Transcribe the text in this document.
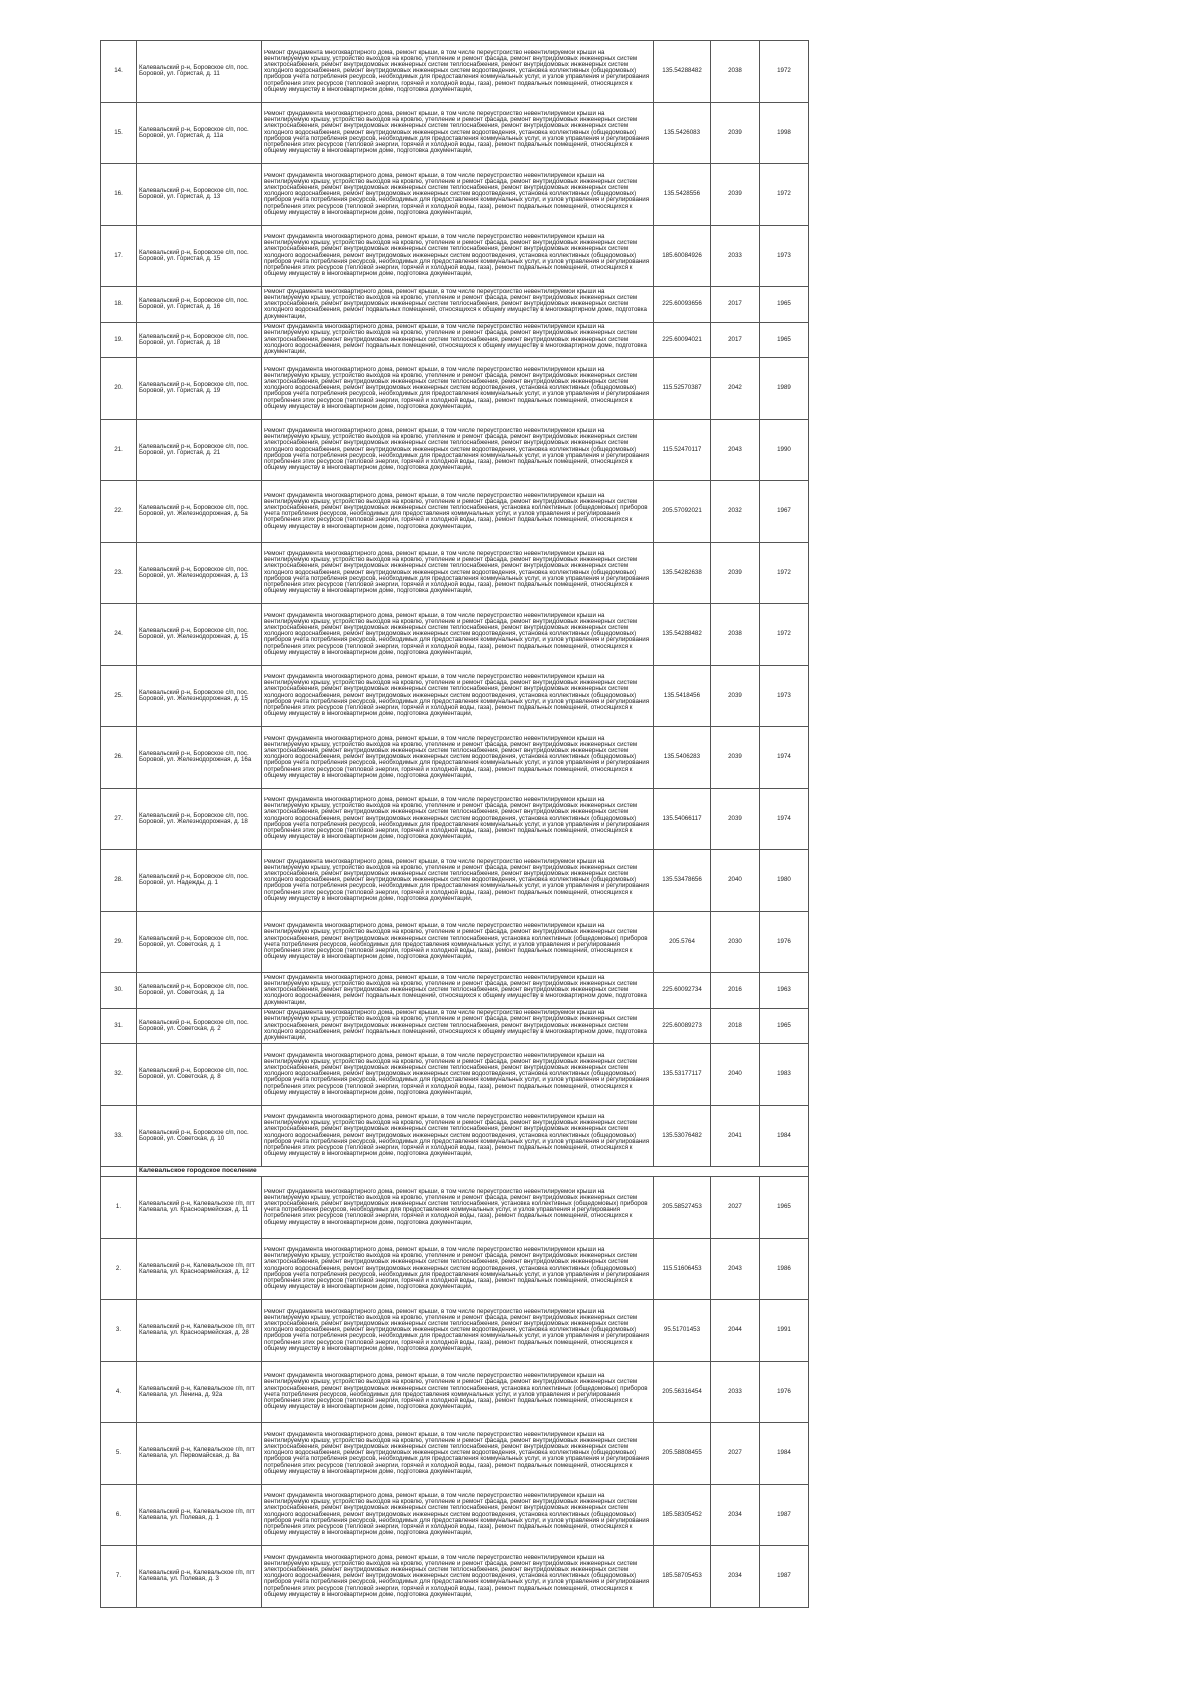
14.	Калевальский р-н, Боровское с/п, пос. Боровой, ул. Гористая, д. 11	Ремонт фундамента многоквартирного дома, ремонт крыши, в том числе переустройство невентилируемой крыши на вентилируемую крышу, устройство выходов на кровлю, утепление и ремонт фасада, ремонт внутридомовых инженерных систем электроснабжения, ремонт внутридомовых инженерных систем теплоснабжения, ремонт внутридомовых инженерных систем холодного водоснабжения, ремонт внутридомовых инженерных систем водоотведения, установка коллективных (общедомовых) приборов учета потребления ресурсов, необходимых для предоставления коммунальных услуг, и узлов управления и регулирования потребления этих ресурсов (тепловой энергии, горячей и холодной воды, газа), ремонт подвальных помещений, относящихся к общему имуществу в многоквартирном доме, подготовка документации,	135.54288482	2038	1972
15.	Калевальский р-н, Боровское с/п, пос. Боровой, ул. Гористая, д. 11а	Ремонт фундамента многоквартирного дома, ремонт крыши, в том числе переустройство невентилируемой крыши на вентилируемую крышу, устройство выходов на кровлю, утепление и ремонт фасада, ремонт внутридомовых инженерных систем электроснабжения, ремонт внутридомовых инженерных систем теплоснабжения, ремонт внутридомовых инженерных систем холодного водоснабжения, ремонт внутридомовых инженерных систем водоотведения, установка коллективных (общедомовых) приборов учета потребления ресурсов, необходимых для предоставления коммунальных услуг, и узлов управления и регулирования потребления этих ресурсов (тепловой энергии, горячей и холодной воды, газа), ремонт подвальных помещений, относящихся к общему имуществу в многоквартирном доме, подготовка документации,	135.5426083	2039	1998
16.	Калевальский р-н, Боровское с/п, пос. Боровой, ул. Гористая, д. 13	Ремонт фундамента многоквартирного дома, ремонт крыши, в том числе переустройство невентилируемой крыши на вентилируемую крышу, устройство выходов на кровлю, утепление и ремонт фасада, ремонт внутридомовых инженерных систем электроснабжения, ремонт внутридомовых инженерных систем теплоснабжения, ремонт внутридомовых инженерных систем холодного водоснабжения, ремонт внутридомовых инженерных систем водоотведения, установка коллективных (общедомовых) приборов учета потребления ресурсов, необходимых для предоставления коммунальных услуг, и узлов управления и регулирования потребления этих ресурсов (тепловой энергии, горячей и холодной воды, газа), ремонт подвальных помещений, относящихся к общему имуществу в многоквартирном доме, подготовка документации,	135.5428556	2039	1972
17.	Калевальский р-н, Боровское с/п, пос. Боровой, ул. Гористая, д. 15	Ремонт фундамента многоквартирного дома, ремонт крыши, в том числе переустройство невентилируемой крыши на вентилируемую крышу, устройство выходов на кровлю, утепление и ремонт фасада, ремонт внутридомовых инженерных систем электроснабжения, ремонт внутридомовых инженерных систем теплоснабжения, ремонт внутридомовых инженерных систем холодного водоснабжения, ремонт внутридомовых инженерных систем водоотведения, установка коллективных (общедомовых) приборов учета потребления ресурсов, необходимых для предоставления коммунальных услуг, и узлов управления и регулирования потребления этих ресурсов (тепловой энергии, горячей и холодной воды, газа), ремонт подвальных помещений, относящихся к общему имуществу в многоквартирном доме, подготовка документации,	185.60084926	2033	1973
18.	Калевальский р-н, Боровское с/п, пос. Боровой, ул. Гористая, д. 16	Ремонт фундамента многоквартирного дома, ремонт крыши, в том числе переустройство невентилируемой крыши на вентилируемую крышу, устройство выходов на кровлю, утепление и ремонт фасада, ремонт внутридомовых инженерных систем электроснабжения, ремонт внутридомовых инженерных систем теплоснабжения, ремонт внутридомовых инженерных систем холодного водоснабжения, ремонт подвальных помещений, относящихся к общему имуществу в многоквартирном доме, подготовка документации,	225.60093656	2017	1965
19.	Калевальский р-н, Боровское с/п, пос. Боровой, ул. Гористая, д. 18	Ремонт фундамента многоквартирного дома, ремонт крыши, в том числе переустройство невентилируемой крыши на вентилируемую крышу, устройство выходов на кровлю, утепление и ремонт фасада, ремонт внутридомовых инженерных систем электроснабжения, ремонт внутридомовых инженерных систем теплоснабжения, ремонт внутридомовых инженерных систем холодного водоснабжения, ремонт подвальных помещений, относящихся к общему имуществу в многоквартирном доме, подготовка документации,	225.60094021	2017	1965
20.	Калевальский р-н, Боровское с/п, пос. Боровой, ул. Гористая, д. 19	Ремонт фундамента многоквартирного дома, ремонт крыши, в том числе переустройство невентилируемой крыши на вентилируемую крышу, устройство выходов на кровлю, утепление и ремонт фасада, ремонт внутридомовых инженерных систем электроснабжения, ремонт внутридомовых инженерных систем теплоснабжения, ремонт внутридомовых инженерных систем холодного водоснабжения, ремонт внутридомовых инженерных систем водоотведения, установка коллективных (общедомовых) приборов учета потребления ресурсов, необходимых для предоставления коммунальных услуг, и узлов управления и регулирования потребления этих ресурсов (тепловой энергии, горячей и холодной воды, газа), ремонт подвальных помещений, относящихся к общему имуществу в многоквартирном доме, подготовка документации,	115.52570387	2042	1989
21.	Калевальский р-н, Боровское с/п, пос. Боровой, ул. Гористая, д. 21	Ремонт фундамента многоквартирного дома, ремонт крыши, в том числе переустройство невентилируемой крыши на вентилируемую крышу, устройство выходов на кровлю, утепление и ремонт фасада, ремонт внутридомовых инженерных систем электроснабжения, ремонт внутридомовых инженерных систем теплоснабжения, ремонт внутридомовых инженерных систем холодного водоснабжения, ремонт внутридомовых инженерных систем водоотведения, установка коллективных (общедомовых) приборов учета потребления ресурсов, необходимых для предоставления коммунальных услуг, и узлов управления и регулирования потребления этих ресурсов (тепловой энергии, горячей и холодной воды, газа), ремонт подвальных помещений, относящихся к общему имуществу в многоквартирном доме, подготовка документации,	115.52470117	2043	1990
22.	Калевальский р-н, Боровское с/п, пос. Боровой, ул. Железнодорожная, д. 5а	Ремонт фундамента многоквартирного дома, ремонт крыши, в том числе переустройство невентилируемой крыши на вентилируемую крышу, устройство выходов на кровлю, утепление и ремонт фасада, ремонт внутридомовых инженерных систем электроснабжения, ремонт внутридомовых инженерных систем теплоснабжения, установка коллективных (общедомовых) приборов учета потребления ресурсов, необходимых для предоставления коммунальных услуг, и узлов управления и регулирования потребления этих ресурсов (тепловой энергии, горячей и холодной воды, газа), ремонт подвальных помещений, относящихся к общему имуществу в многоквартирном доме, подготовка документации,	205.57092021	2032	1967
23.	Калевальский р-н, Боровское с/п, пос. Боровой, ул. Железнодорожная, д. 13	Ремонт фундамента многоквартирного дома, ремонт крыши, в том числе переустройство невентилируемой крыши на вентилируемую крышу, устройство выходов на кровлю, утепление и ремонт фасада, ремонт внутридомовых инженерных систем электроснабжения, ремонт внутридомовых инженерных систем теплоснабжения, ремонт внутридомовых инженерных систем холодного водоснабжения, ремонт внутридомовых инженерных систем водоотведения, установка коллективных (общедомовых) приборов учета потребления ресурсов, необходимых для предоставления коммунальных услуг, и узлов управления и регулирования потребления этих ресурсов (тепловой энергии, горячей и холодной воды, газа), ремонт подвальных помещений, относящихся к общему имуществу в многоквартирном доме, подготовка документации,	135.54282638	2039	1972
24.	Калевальский р-н, Боровское с/п, пос. Боровой, ул. Железнодорожная, д. 15	Ремонт фундамента многоквартирного дома, ремонт крыши, в том числе переустройство невентилируемой крыши на вентилируемую крышу, устройство выходов на кровлю, утепление и ремонт фасада, ремонт внутридомовых инженерных систем электроснабжения, ремонт внутридомовых инженерных систем теплоснабжения, ремонт внутридомовых инженерных систем холодного водоснабжения, ремонт внутридомовых инженерных систем водоотведения, установка коллективных (общедомовых) приборов учета потребления ресурсов, необходимых для предоставления коммунальных услуг, и узлов управления и регулирования потребления этих ресурсов (тепловой энергии, горячей и холодной воды, газа), ремонт подвальных помещений, относящихся к общему имуществу в многоквартирном доме, подготовка документации,	135.54288482	2038	1972
25.	Калевальский р-н, Боровское с/п, пос. Боровой, ул. Железнодорожная, д. 15	Ремонт фундамента многоквартирного дома, ремонт крыши, в том числе переустройство невентилируемой крыши на вентилируемую крышу, устройство выходов на кровлю, утепление и ремонт фасада, ремонт внутридомовых инженерных систем электроснабжения, ремонт внутридомовых инженерных систем теплоснабжения, ремонт внутридомовых инженерных систем холодного водоснабжения, ремонт внутридомовых инженерных систем водоотведения, установка коллективных (общедомовых) приборов учета потребления ресурсов, необходимых для предоставления коммунальных услуг, и узлов управления и регулирования потребления этих ресурсов (тепловой энергии, горячей и холодной воды, газа), ремонт подвальных помещений, относящихся к общему имуществу в многоквартирном доме, подготовка документации,	135.5418456	2039	1973
26.	Калевальский р-н, Боровское с/п, пос. Боровой, ул. Железнодорожная, д. 16а	Ремонт фундамента многоквартирного дома, ремонт крыши, в том числе переустройство невентилируемой крыши на вентилируемую крышу, устройство выходов на кровлю, утепление и ремонт фасада, ремонт внутридомовых инженерных систем электроснабжения, ремонт внутридомовых инженерных систем теплоснабжения, ремонт внутридомовых инженерных систем холодного водоснабжения, ремонт внутридомовых инженерных систем водоотведения, установка коллективных (общедомовых) приборов учета потребления ресурсов, необходимых для предоставления коммунальных услуг, и узлов управления и регулирования потребления этих ресурсов (тепловой энергии, горячей и холодной воды, газа), ремонт подвальных помещений, относящихся к общему имуществу в многоквартирном доме, подготовка документации,	135.5406283	2039	1974
27.	Калевальский р-н, Боровское с/п, пос. Боровой, ул. Железнодорожная, д. 18	Ремонт фундамента многоквартирного дома, ремонт крыши, в том числе переустройство невентилируемой крыши на вентилируемую крышу, устройство выходов на кровлю, утепление и ремонт фасада, ремонт внутридомовых инженерных систем электроснабжения, ремонт внутридомовых инженерных систем теплоснабжения, ремонт внутридомовых инженерных систем холодного водоснабжения, ремонт внутридомовых инженерных систем водоотведения, установка коллективных (общедомовых) приборов учета потребления ресурсов, необходимых для предоставления коммунальных услуг, и узлов управления и регулирования потребления этих ресурсов (тепловой энергии, горячей и холодной воды, газа), ремонт подвальных помещений, относящихся к общему имуществу в многоквартирном доме, подготовка документации,	135.54066117	2039	1974
28.	Калевальский р-н, Боровское с/п, пос. Боровой, ул. Надежды, д. 1	Ремонт фундамента многоквартирного дома, ремонт крыши, в том числе переустройство невентилируемой крыши на вентилируемую крышу, устройство выходов на кровлю, утепление и ремонт фасада, ремонт внутридомовых инженерных систем электроснабжения, ремонт внутридомовых инженерных систем теплоснабжения, ремонт внутридомовых инженерных систем холодного водоснабжения, ремонт внутридомовых инженерных систем водоотведения, установка коллективных (общедомовых) приборов учета потребления ресурсов, необходимых для предоставления коммунальных услуг, и узлов управления и регулирования потребления этих ресурсов (тепловой энергии, горячей и холодной воды, газа), ремонт подвальных помещений, относящихся к общему имуществу в многоквартирном доме, подготовка документации,	135.53478656	2040	1980
29.	Калевальский р-н, Боровское с/п, пос. Боровой, ул. Советская, д. 1	Ремонт фундамента многоквартирного дома, ремонт крыши, в том числе переустройство невентилируемой крыши на вентилируемую крышу, устройство выходов на кровлю, утепление и ремонт фасада, ремонт внутридомовых инженерных систем электроснабжения, ремонт внутридомовых инженерных систем теплоснабжения, установка коллективных (общедомовых) приборов учета потребления ресурсов, необходимых для предоставления коммунальных услуг, и узлов управления и регулирования потребления этих ресурсов (тепловой энергии, горячей и холодной воды, газа), ремонт подвальных помещений, относящихся к общему имуществу в многоквартирном доме, подготовка документации,	205.5764	2030	1976
30.	Калевальский р-н, Боровское с/п, пос. Боровой, ул. Советская, д. 1а	Ремонт фундамента многоквартирного дома, ремонт крыши, в том числе переустройство невентилируемой крыши на вентилируемую крышу, устройство выходов на кровлю, утепление и ремонт фасада, ремонт внутридомовых инженерных систем электроснабжения, ремонт внутридомовых инженерных систем теплоснабжения, ремонт внутридомовых инженерных систем холодного водоснабжения, ремонт подвальных помещений, относящихся к общему имуществу в многоквартирном доме, подготовка документации,	225.60092734	2016	1963
31.	Калевальский р-н, Боровское с/п, пос. Боровой, ул. Советская, д. 2	Ремонт фундамента многоквартирного дома, ремонт крыши, в том числе переустройство невентилируемой крыши на вентилируемую крышу, устройство выходов на кровлю, утепление и ремонт фасада, ремонт внутридомовых инженерных систем электроснабжения, ремонт внутридомовых инженерных систем теплоснабжения, ремонт внутридомовых инженерных систем холодного водоснабжения, ремонт подвальных помещений, относящихся к общему имуществу в многоквартирном доме, подготовка документации,	225.60089273	2018	1965
32.	Калевальский р-н, Боровское с/п, пос. Боровой, ул. Советская, д. 8	Ремонт фундамента многоквартирного дома, ремонт крыши, в том числе переустройство невентилируемой крыши на вентилируемую крышу, устройство выходов на кровлю, утепление и ремонт фасада, ремонт внутридомовых инженерных систем электроснабжения, ремонт внутридомовых инженерных систем теплоснабжения, ремонт внутридомовых инженерных систем холодного водоснабжения, ремонт внутридомовых инженерных систем водоотведения, установка коллективных (общедомовых) приборов учета потребления ресурсов, необходимых для предоставления коммунальных услуг, и узлов управления и регулирования потребления этих ресурсов (тепловой энергии, горячей и холодной воды, газа), ремонт подвальных помещений, относящихся к общему имуществу в многоквартирном доме, подготовка документации,	135.53177117	2040	1983
33.	Калевальский р-н, Боровское с/п, пос. Боровой, ул. Советская, д. 10	Ремонт фундамента многоквартирного дома, ремонт крыши, в том числе переустройство невентилируемой крыши на вентилируемую крышу, устройство выходов на кровлю, утепление и ремонт фасада, ремонт внутридомовых инженерных систем электроснабжения, ремонт внутридомовых инженерных систем теплоснабжения, ремонт внутридомовых инженерных систем холодного водоснабжения, ремонт внутридомовых инженерных систем водоотведения, установка коллективных (общедомовых) приборов учета потребления ресурсов, необходимых для предоставления коммунальных услуг, и узлов управления и регулирования потребления этих ресурсов (тепловой энергии, горячей и холодной воды, газа), ремонт подвальных помещений, относящихся к общему имуществу в многоквартирном доме, подготовка документации,	135.53076482	2041	1984
	Калевальское городское поселение				
1.	Калевальский р-н, Калевальское г/п, пгт Калевала, ул. Красноармейская, д. 11	Ремонт фундамента многоквартирного дома, ремонт крыши, в том числе переустройство невентилируемой крыши на вентилируемую крышу, устройство выходов на кровлю, утепление и ремонт фасада, ремонт внутридомовых инженерных систем электроснабжения, ремонт внутридомовых инженерных систем теплоснабжения, установка коллективных (общедомовых) приборов учета потребления ресурсов, необходимых для предоставления коммунальных услуг, и узлов управления и регулирования потребления этих ресурсов (тепловой энергии, горячей и холодной воды, газа), ремонт подвальных помещений, относящихся к общему имуществу в многоквартирном доме, подготовка документации,	205.58527453	2027	1965
2.	Калевальский р-н, Калевальское г/п, пгт Калевала, ул. Красноармейская, д. 12	Ремонт фундамента многоквартирного дома, ремонт крыши, в том числе переустройство невентилируемой крыши на вентилируемую крышу, устройство выходов на кровлю, утепление и ремонт фасада, ремонт внутридомовых инженерных систем электроснабжения, ремонт внутридомовых инженерных систем теплоснабжения, ремонт внутридомовых инженерных систем холодного водоснабжения, ремонт внутридомовых инженерных систем водоотведения, установка коллективных (общедомовых) приборов учета потребления ресурсов, необходимых для предоставления коммунальных услуг, и узлов управления и регулирования потребления этих ресурсов (тепловой энергии, горячей и холодной воды, газа), ремонт подвальных помещений, относящихся к общему имуществу в многоквартирном доме, подготовка документации,	115.51606453	2043	1986
3.	Калевальский р-н, Калевальское г/п, пгт Калевала, ул. Красноармейская, д. 28	Ремонт фундамента многоквартирного дома, ремонт крыши, в том числе переустройство невентилируемой крыши на вентилируемую крышу, устройство выходов на кровлю, утепление и ремонт фасада, ремонт внутридомовых инженерных систем электроснабжения, ремонт внутридомовых инженерных систем теплоснабжения, ремонт внутридомовых инженерных систем холодного водоснабжения, ремонт внутридомовых инженерных систем водоотведения, установка коллективных (общедомовых) приборов учета потребления ресурсов, необходимых для предоставления коммунальных услуг, и узлов управления и регулирования потребления этих ресурсов (тепловой энергии, горячей и холодной воды, газа), ремонт подвальных помещений, относящихся к общему имуществу в многоквартирном доме, подготовка документации,	95.51701453	2044	1991
4.	Калевальский р-н, Калевальское г/п, пгт Калевала, ул. Ленина, д. 92а	Ремонт фундамента многоквартирного дома, ремонт крыши, в том числе переустройство невентилируемой крыши на вентилируемую крышу, устройство выходов на кровлю, утепление и ремонт фасада, ремонт внутридомовых инженерных систем электроснабжения, ремонт внутридомовых инженерных систем теплоснабжения, установка коллективных (общедомовых) приборов учета потребления ресурсов, необходимых для предоставления коммунальных услуг, и узлов управления и регулирования потребления этих ресурсов (тепловой энергии, горячей и холодной воды, газа), ремонт подвальных помещений, относящихся к общему имуществу в многоквартирном доме, подготовка документации,	205.56316454	2033	1976
5.	Калевальский р-н, Калевальское г/п, пгт Калевала, ул. Первомайская, д. 8а	Ремонт фундамента многоквартирного дома, ремонт крыши, в том числе переустройство невентилируемой крыши на вентилируемую крышу, устройство выходов на кровлю, утепление и ремонт фасада, ремонт внутридомовых инженерных систем электроснабжения, ремонт внутридомовых инженерных систем теплоснабжения, ремонт внутридомовых инженерных систем холодного водоснабжения, ремонт внутридомовых инженерных систем водоотведения, установка коллективных (общедомовых) приборов учета потребления ресурсов, необходимых для предоставления коммунальных услуг, и узлов управления и регулирования потребления этих ресурсов (тепловой энергии, горячей и холодной воды, газа), ремонт подвальных помещений, относящихся к общему имуществу в многоквартирном доме, подготовка документации,	205.58808455	2027	1984
6.	Калевальский р-н, Калевальское г/п, пгт Калевала, ул. Полевая, д. 1	Ремонт фундамента многоквартирного дома, ремонт крыши, в том числе переустройство невентилируемой крыши на вентилируемую крышу, устройство выходов на кровлю, утепление и ремонт фасада, ремонт внутридомовых инженерных систем электроснабжения, ремонт внутридомовых инженерных систем теплоснабжения, ремонт внутридомовых инженерных систем холодного водоснабжения, ремонт внутридомовых инженерных систем водоотведения, установка коллективных (общедомовых) приборов учета потребления ресурсов, необходимых для предоставления коммунальных услуг, и узлов управления и регулирования потребления этих ресурсов (тепловой энергии, горячей и холодной воды, газа), ремонт подвальных помещений, относящихся к общему имуществу в многоквартирном доме, подготовка документации,	185.58305452	2034	1987
7.	Калевальский р-н, Калевальское г/п, пгт Калевала, ул. Полевая, д. 3	Ремонт фундамента многоквартирного дома, ремонт крыши, в том числе переустройство невентилируемой крыши на вентилируемую крышу, устройство выходов на кровлю, утепление и ремонт фасада, ремонт внутридомовых инженерных систем электроснабжения, ремонт внутридомовых инженерных систем теплоснабжения, ремонт внутридомовых инженерных систем холодного водоснабжения, ремонт внутридомовых инженерных систем водоотведения, установка коллективных (общедомовых) приборов учета потребления ресурсов, необходимых для предоставления коммунальных услуг, и узлов управления и регулирования потребления этих ресурсов (тепловой энергии, горячей и холодной воды, газа), ремонт подвальных помещений, относящихся к общему имуществу в многоквартирном доме, подготовка документации,	185.58705453	2034	1987
